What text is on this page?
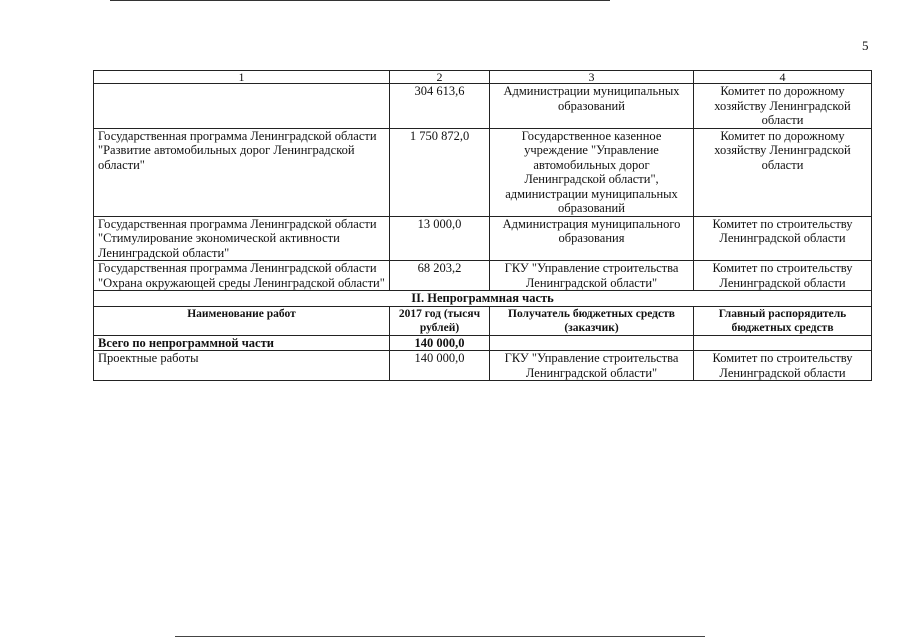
5
1	2	3	4
	304 613,6	Администрации муниципальных образований	Комитет по дорожному хозяйству Ленинградской области
Государственная программа Ленинградской области "Развитие автомобильных дорог Ленинградской области"	1 750 872,0	Государственное казенное учреждение "Управление автомобильных дорог Ленинградской области", администрации муниципальных образований	Комитет по дорожному хозяйству Ленинградской области
Государственная программа Ленинградской области "Стимулирование экономической активности Ленинградской области"	13 000,0	Администрация муниципального образования	Комитет по строительству Ленинградской области
Государственная программа Ленинградской области "Охрана окружающей среды Ленинградской области"	68 203,2	ГКУ "Управление строительства Ленинградской области"	Комитет по строительству Ленинградской области
II. Непрограммная часть			
Наименование работ	2017 год (тысяч рублей)	Получатель бюджетных средств (заказчик)	Главный распорядитель бюджетных средств
Всего по непрограммной части	140 000,0		
Проектные работы	140 000,0	ГКУ "Управление строительства Ленинградской области"	Комитет по строительству Ленинградской области
